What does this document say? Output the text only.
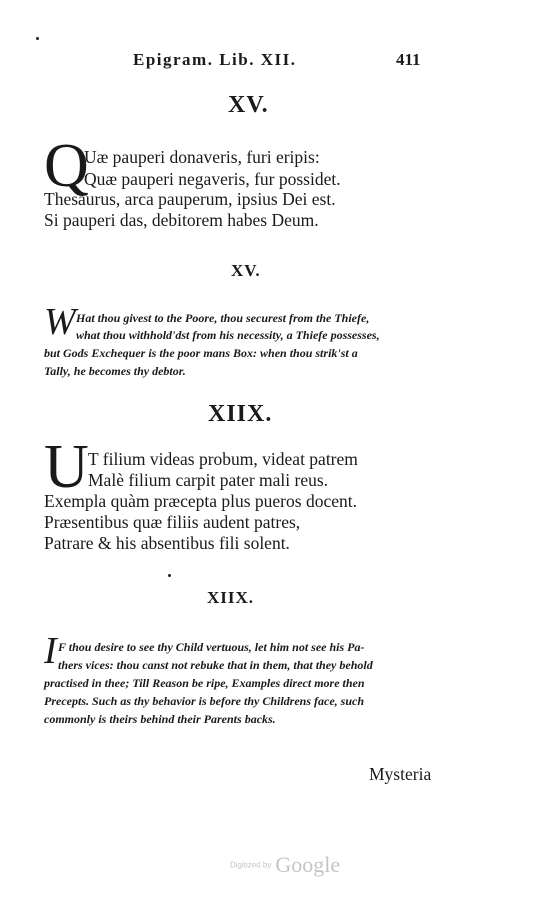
Epigram. Lib. XII.	411
XV.
Q
Uæ pauperi donaveris, furi eripis:
Quæ pauperi negaveris, fur possidet.
Thesaurus, arca pauperum, ipsius Dei est.
Si pauperi das, debitorem habes Deum.
XV.
W Hat thou givest to the Poore, thou securest from the Thiefe,
what thou withhold'dst from his necessity, a Thiefe possesses,
but Gods Exchequer is the poor mans Box: when thou strik'st a
Tally, he becomes thy debtor.
XIIX.
U T filium videas probum, videat patrem
Malè filium carpit pater mali reus.
Exempla quàm præcepta plus pueros docent.
Præsentibus quæ filiis audent patres,
Patrare & his absentibus fili solent.
XIIX.
I F thou desire to see thy Child vertuous, let him not see his Pa-
thers vices: thou canst not rebuke that in them, that they behold
practised in thee; Till Reason be ripe, Examples direct more then
Precepts. Such as thy behavior is before thy Childrens face, such
commonly is theirs behind their Parents backs.
Mysteria
Digitized by Google
